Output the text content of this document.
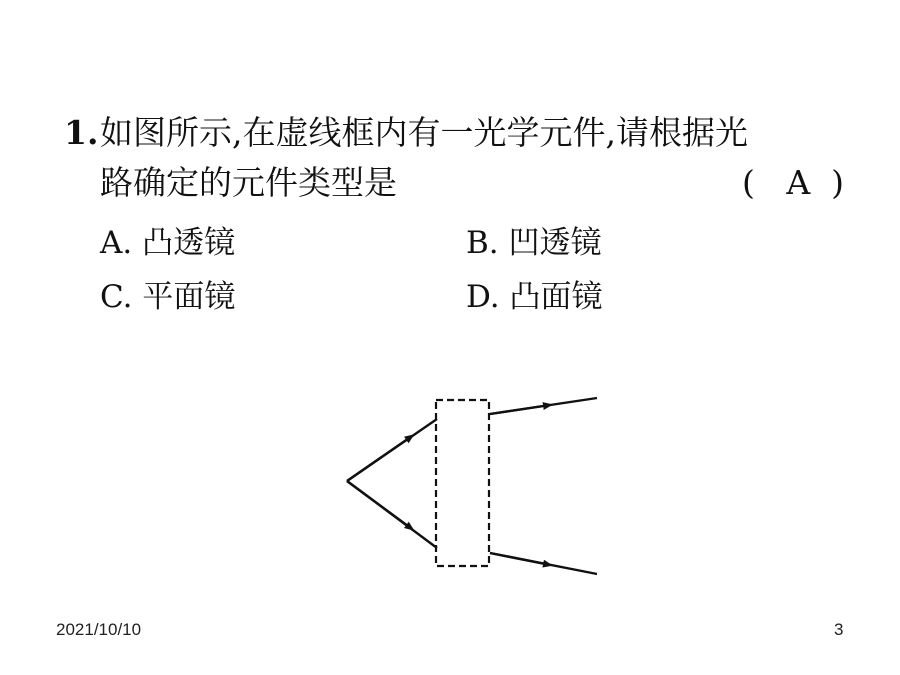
1.如图所示,在虚线框内有一光学元件,请根据光
路确定的元件类型是	(   A  )
A. 凸透镜	B. 凹透镜
C. 平面镜	D. 凸面镜
2021/10/10	3
